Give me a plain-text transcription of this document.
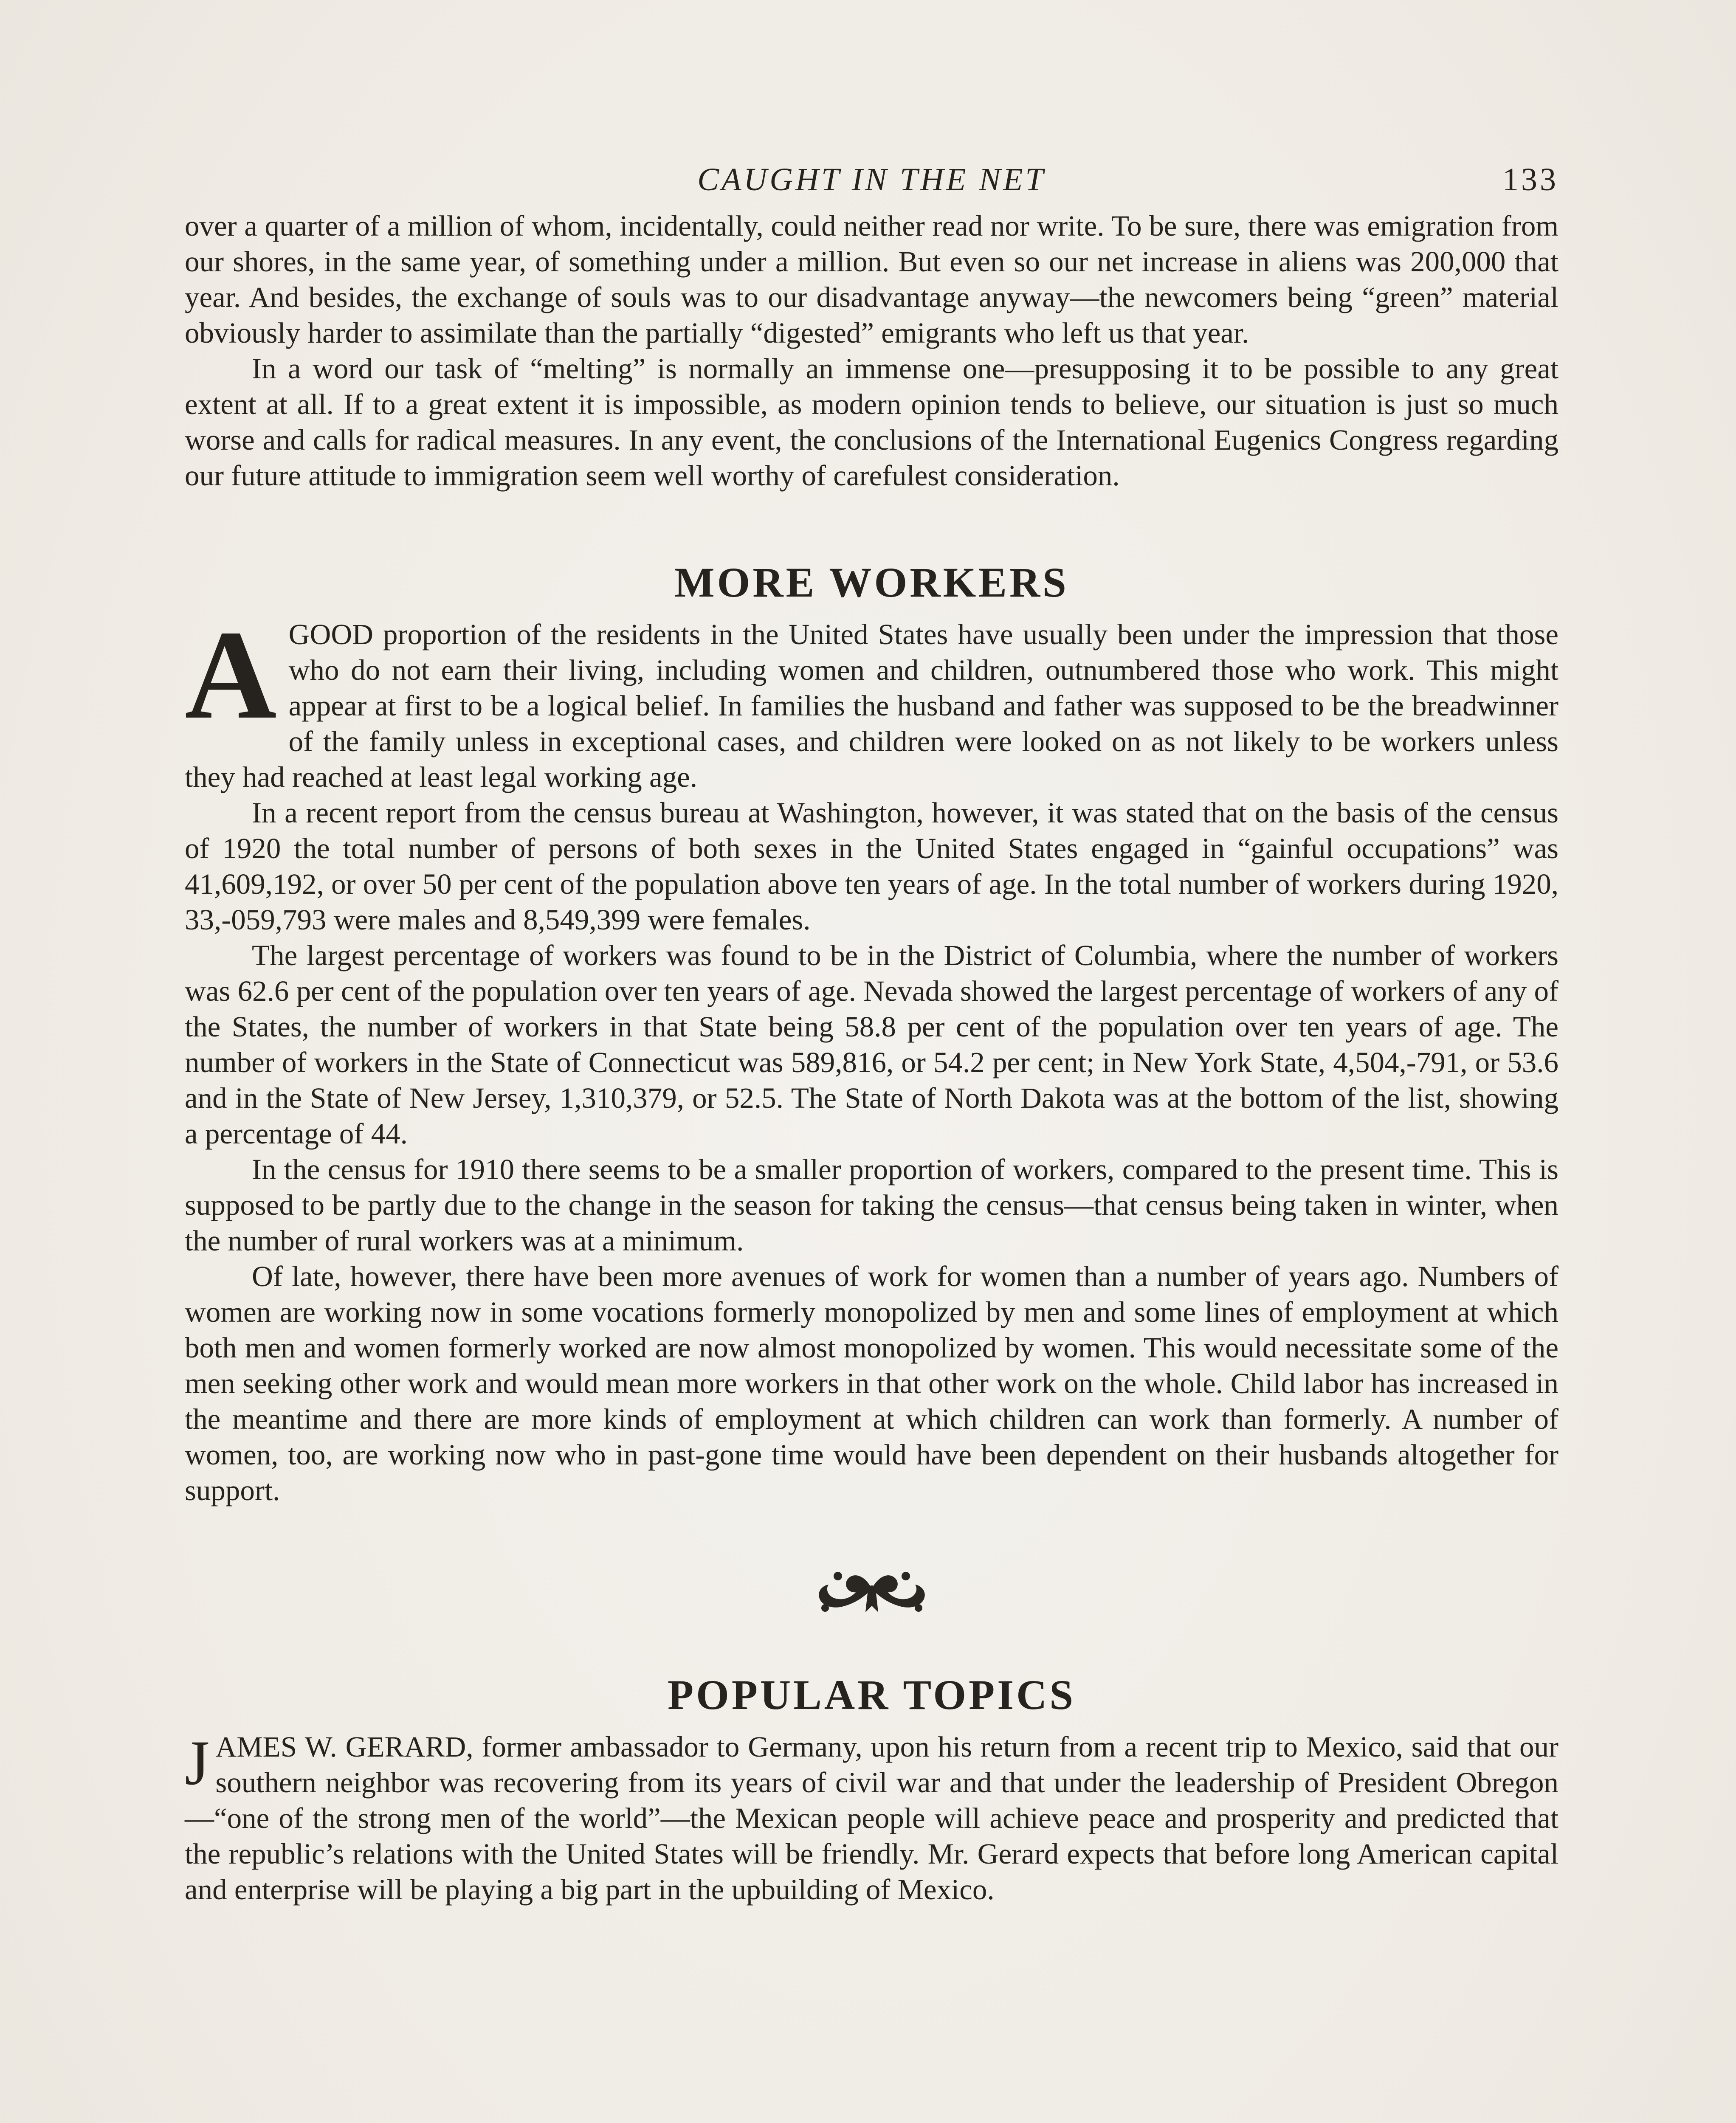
CAUGHT IN THE NET	133

over a quarter of a million of whom, incidentally, could neither read nor write. To be sure, there was emigration from our shores, in the same year, of something under a million. But even so our net increase in aliens was 200,000 that year. And besides, the exchange of souls was to our disadvantage anyway—the newcomers being “green” material obviously harder to assimilate than the partially “digested” emigrants who left us that year.

In a word our task of “melting” is normally an immense one—presupposing it to be possible to any great extent at all. If to a great extent it is impossible, as modern opinion tends to believe, our situation is just so much worse and calls for radical measures. In any event, the conclusions of the International Eugenics Congress regarding our future attitude to immigration seem well worthy of carefulest consideration.

MORE WORKERS

AGOOD proportion of the residents in the United States have usually been under the impression that those who do not earn their living, including women and children, outnumbered those who work. This might appear at first to be a logical belief. In families the husband and father was supposed to be the breadwinner of the family unless in exceptional cases, and children were looked on as not likely to be workers unless they had reached at least legal working age.

In a recent report from the census bureau at Washington, however, it was stated that on the basis of the census of 1920 the total number of persons of both sexes in the United States engaged in “gainful occupations” was 41,609,192, or over 50 per cent of the population above ten years of age. In the total number of workers during 1920, 33,-059,793 were males and 8,549,399 were females.

The largest percentage of workers was found to be in the District of Columbia, where the number of workers was 62.6 per cent of the population over ten years of age. Nevada showed the largest percentage of workers of any of the States, the number of workers in that State being 58.8 per cent of the population over ten years of age. The number of workers in the State of Connecticut was 589,816, or 54.2 per cent; in New York State, 4,504,-791, or 53.6 and in the State of New Jersey, 1,310,379, or 52.5. The State of North Dakota was at the bottom of the list, showing a percentage of 44.

In the census for 1910 there seems to be a smaller proportion of workers, compared to the present time. This is supposed to be partly due to the change in the season for taking the census—that census being taken in winter, when the number of rural workers was at a minimum.

Of late, however, there have been more avenues of work for women than a number of years ago. Numbers of women are working now in some vocations formerly monopolized by men and some lines of employment at which both men and women formerly worked are now almost monopolized by women. This would necessitate some of the men seeking other work and would mean more workers in that other work on the whole. Child labor has increased in the meantime and there are more kinds of employment at which children can work than formerly. A number of women, too, are working now who in past-gone time would have been dependent on their husbands altogether for support.

POPULAR TOPICS

JAMES W. GERARD, former ambassador to Germany, upon his return from a recent trip to Mexico, said that our southern neighbor was recovering from its years of civil war and that under the leadership of President Obregon—“one of the strong men of the world”—the Mexican people will achieve peace and prosperity and predicted that the republic’s relations with the United States will be friendly. Mr. Gerard expects that before long American capital and enterprise will be playing a big part in the upbuilding of Mexico.
